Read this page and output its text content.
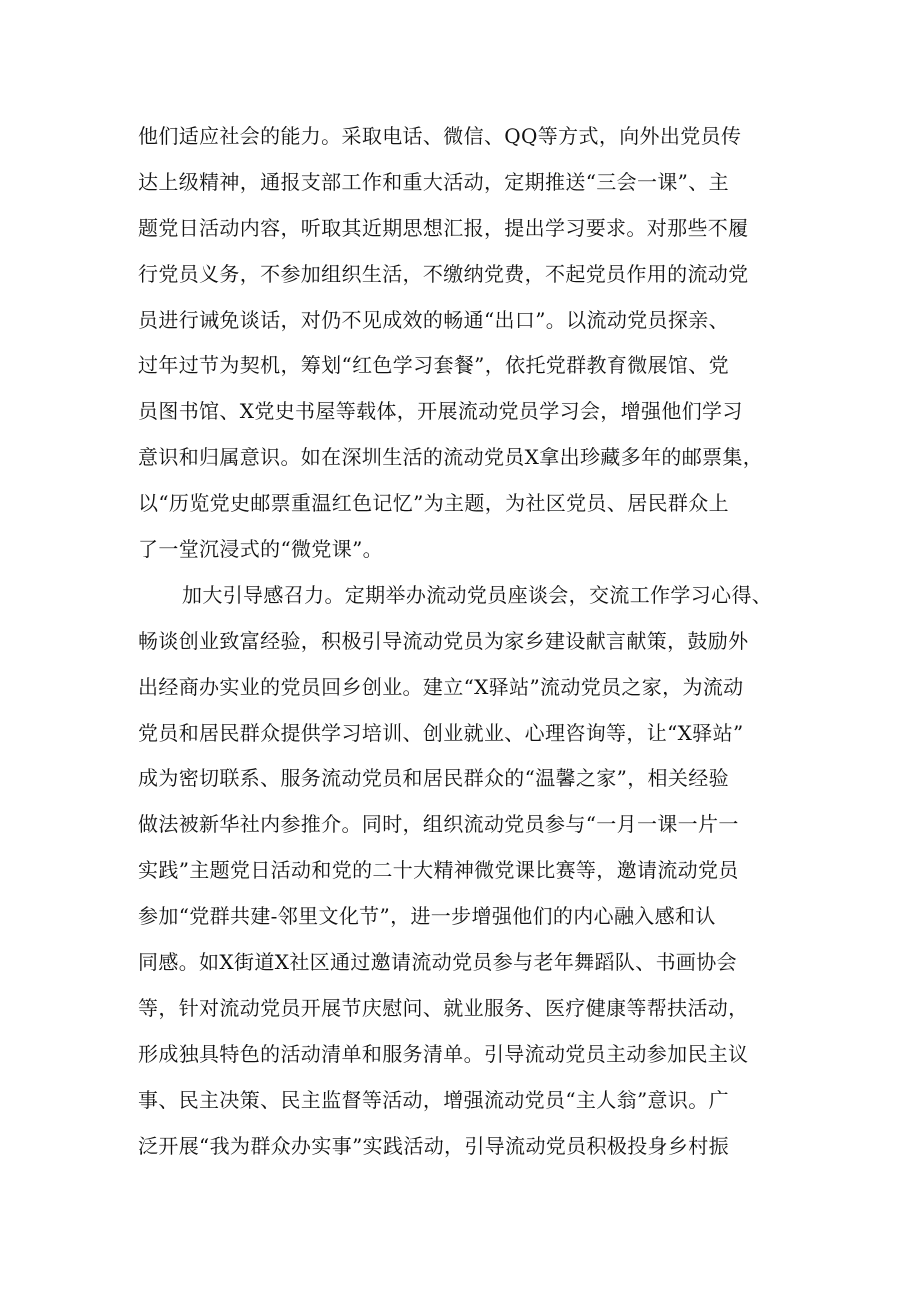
他们适应社会的能力。采取电话、微信、QQ等方式，向外出党员传
达上级精神，通报支部工作和重大活动，定期推送“三会一课”、主
题党日活动内容，听取其近期思想汇报，提出学习要求。对那些不履
行党员义务，不参加组织生活，不缴纳党费，不起党员作用的流动党
员进行诫免谈话，对仍不见成效的畅通“出口”。以流动党员探亲、
过年过节为契机，筹划“红色学习套餐”，依托党群教育微展馆、党
员图书馆、X党史书屋等载体，开展流动党员学习会，增强他们学习
意识和归属意识。如在深圳生活的流动党员X拿出珍藏多年的邮票集，
以“历览党史邮票重温红色记忆”为主题，为社区党员、居民群众上
了一堂沉浸式的“微党课”。
加大引导感召力。定期举办流动党员座谈会，交流工作学习心得、
畅谈创业致富经验，积极引导流动党员为家乡建设献言献策，鼓励外
出经商办实业的党员回乡创业。建立“X驿站”流动党员之家，为流动
党员和居民群众提供学习培训、创业就业、心理咨询等，让“X驿站”
成为密切联系、服务流动党员和居民群众的“温馨之家”，相关经验
做法被新华社内参推介。同时，组织流动党员参与“一月一课一片一
实践”主题党日活动和党的二十大精神微党课比赛等，邀请流动党员
参加“党群共建-邻里文化节”，进一步增强他们的内心融入感和认
同感。如X街道X社区通过邀请流动党员参与老年舞蹈队、书画协会
等，针对流动党员开展节庆慰问、就业服务、医疗健康等帮扶活动，
形成独具特色的活动清单和服务清单。引导流动党员主动参加民主议
事、民主决策、民主监督等活动，增强流动党员“主人翁”意识。广
泛开展“我为群众办实事”实践活动，引导流动党员积极投身乡村振
